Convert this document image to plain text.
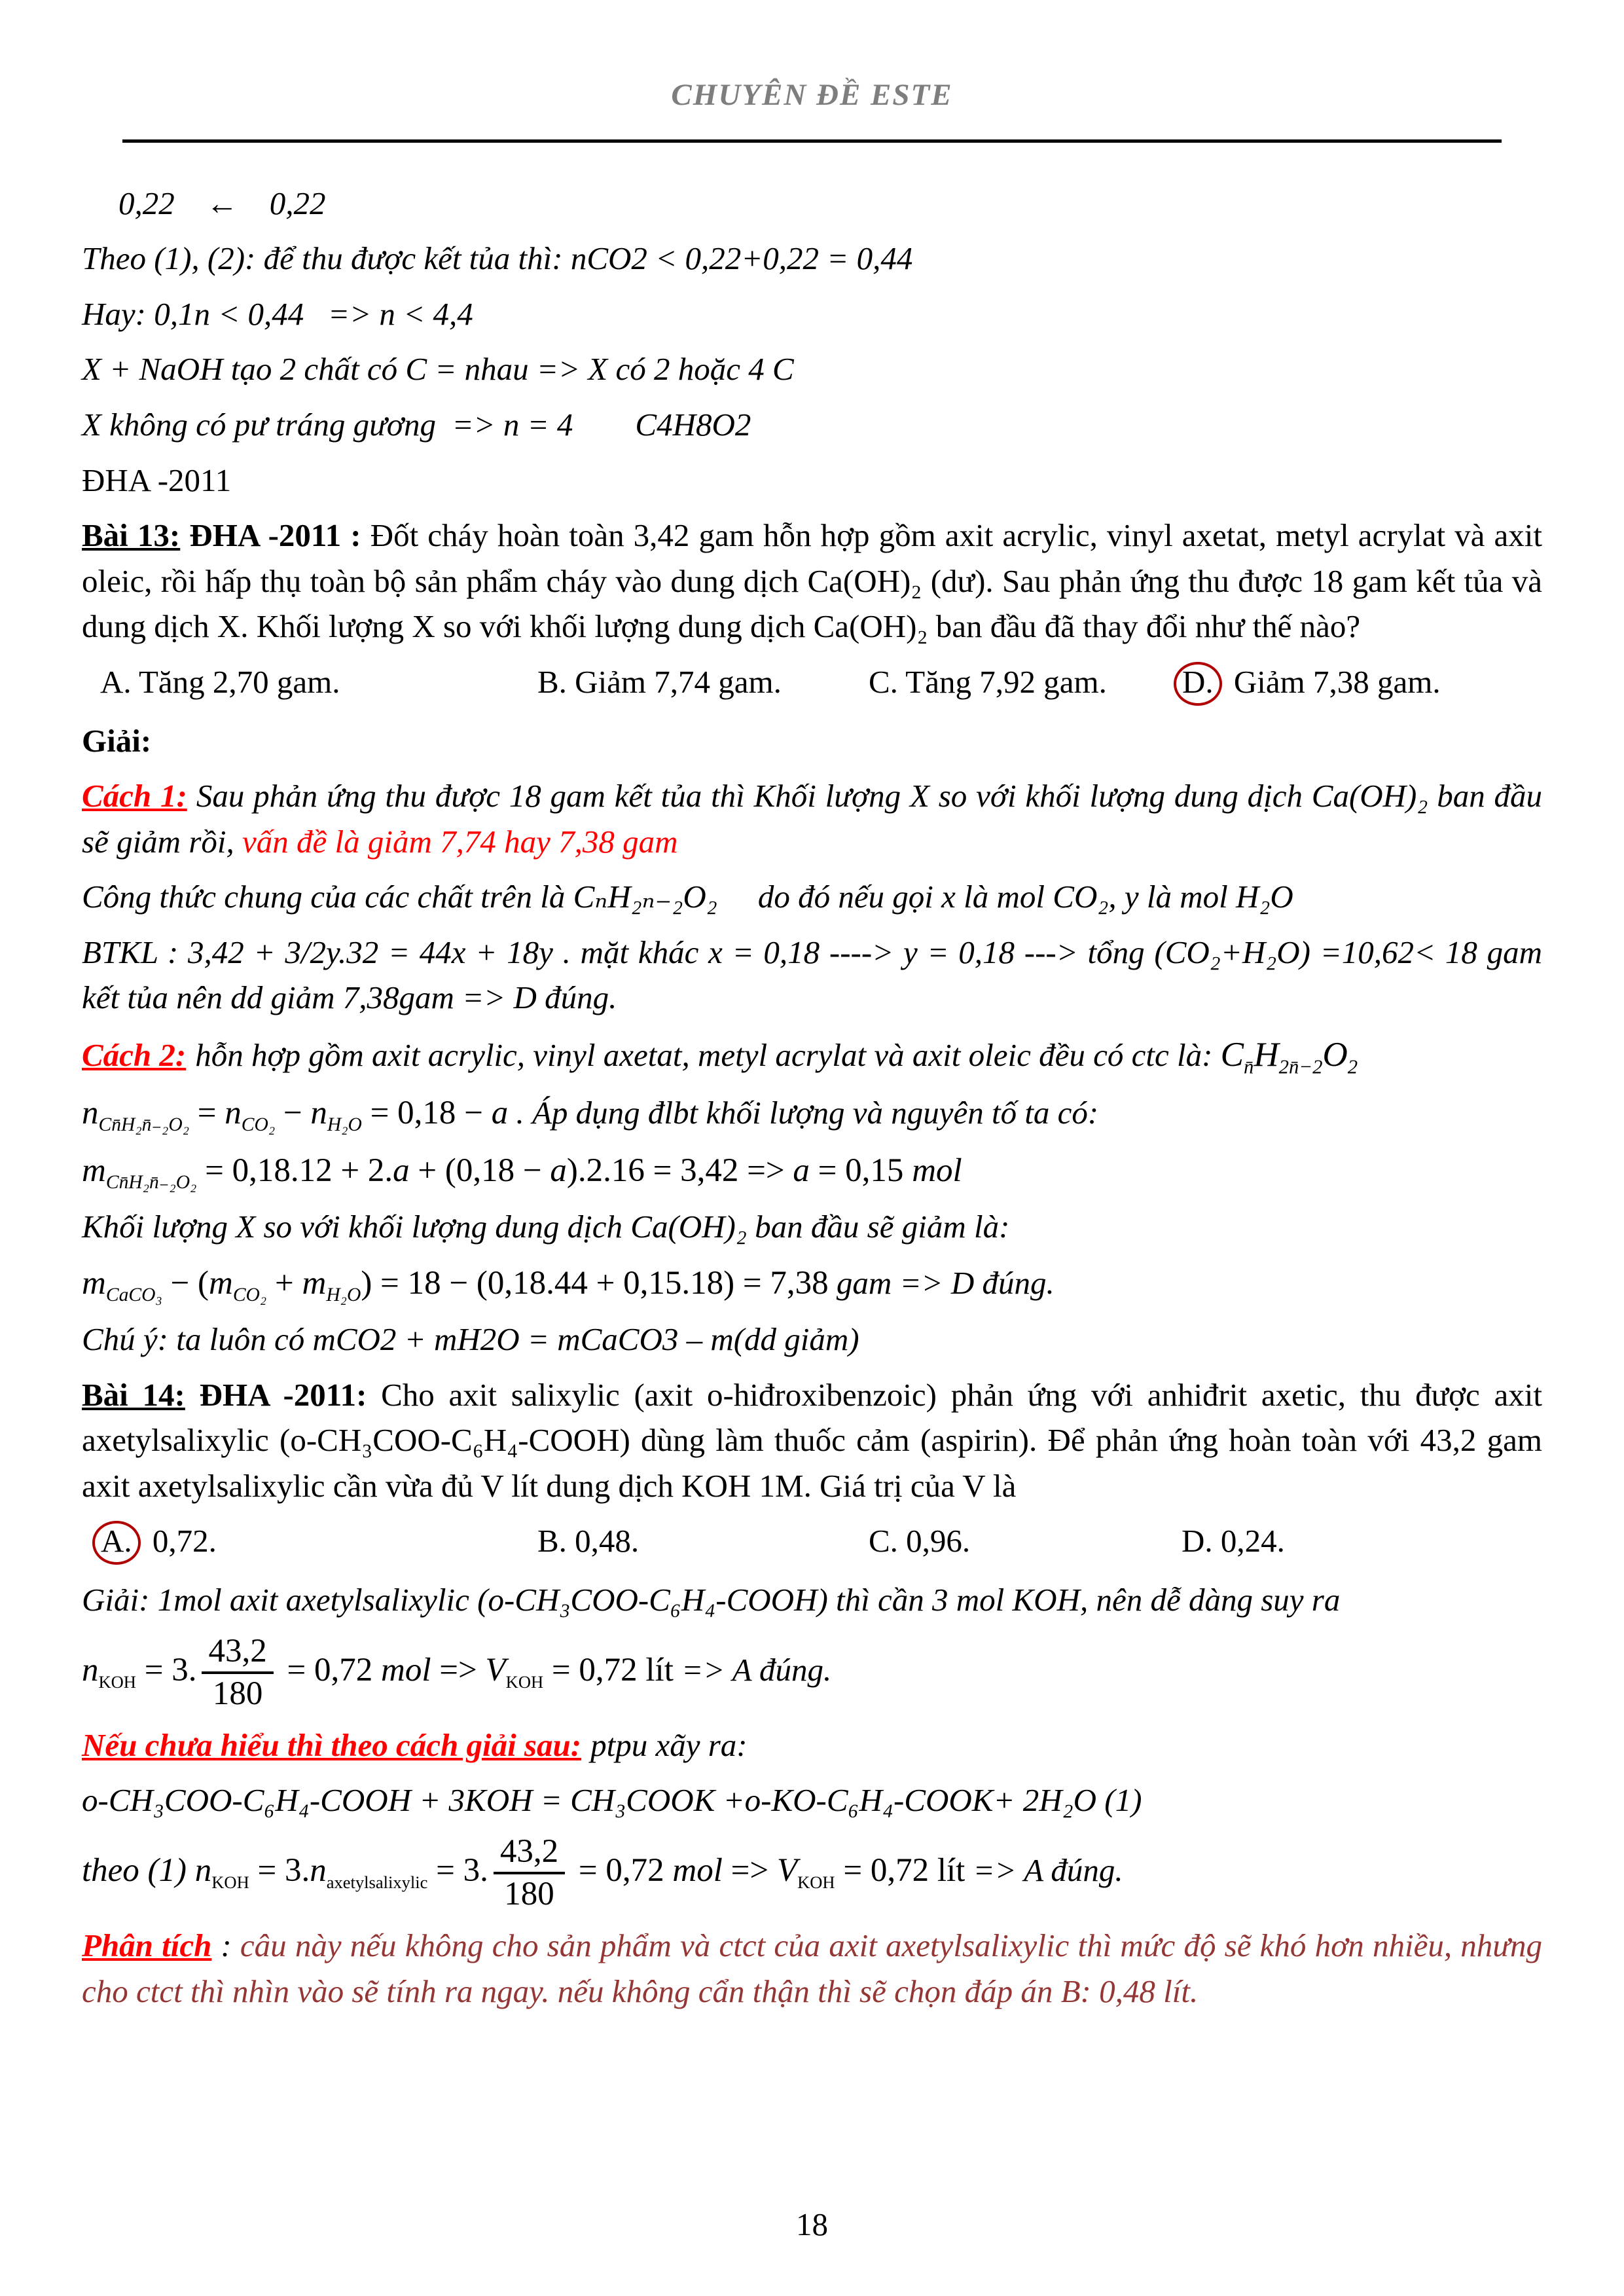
CHUYÊN ĐỀ ESTE

0,22 ← 0,22

Theo (1), (2): để thu được kết tủa thì: nCO2 < 0,22+0,22 = 0,44

Hay: 0,1n < 0,44   => n < 4,4

X + NaOH tạo 2 chất có C = nhau => X có 2 hoặc 4 C

X không có pư tráng gương  => n = 4 C4H8O2

ĐHA -2011

Bài 13: ĐHA -2011 : Đốt cháy hoàn toàn 3,42 gam hỗn hợp gồm axit acrylic, vinyl axetat, metyl acrylat và axit oleic, rồi hấp thụ toàn bộ sản phẩm cháy vào dung dịch Ca(OH)₂ (dư). Sau phản ứng thu được 18 gam kết tủa và dung dịch X. Khối lượng X so với khối lượng dung dịch Ca(OH)₂ ban đầu đã thay đổi như thế nào?

A. Tăng 2,70 gam.	B. Giảm 7,74 gam.	C. Tăng 7,92 gam.	D. Giảm 7,38 gam.

Giải:

Cách 1: Sau phản ứng thu được 18 gam kết tủa thì Khối lượng X so với khối lượng dung dịch Ca(OH)₂ ban đầu sẽ giảm rồi, vấn đề là giảm 7,74 hay 7,38 gam

Công thức chung của các chất trên là CₙH₂ₙ₋₂O₂ do đó nếu gọi x là mol CO₂, y là mol H₂O

BTKL : 3,42 + 3/2y.32 = 44x + 18y . mặt khác x = 0,18 ----> y = 0,18 ---> tổng (CO₂+H₂O) =10,62< 18 gam kết tủa nên dd giảm 7,38gam => D đúng.

Cách 2: hỗn hợp gồm axit acrylic, vinyl axetat, metyl acrylat và axit oleic đều có ctc là: $C_{n̄}H_{2n̄-2}O_2$

$n_{Cn̄H_2n̄_{-2}O_2} = n_{CO_2} - n_{H_2O} = 0,18 - a$ . Áp dụng đlbt khối lượng và nguyên tố ta có:

$m_{Cn̄H_2n̄_{-2}O_2} = 0,18.12 + 2.a + (0,18 - a).2.16 = 3,42 => a = 0,15$ mol

Khối lượng X so với khối lượng dung dịch Ca(OH)₂ ban đầu sẽ giảm là:

$m_{CaCO_3} - (m_{CO_2} + m_{H_2O}) = 18 - (0,18.44 + 0,15.18) = 7,38$ gam => D đúng.

Chú ý: ta luôn có mCO2 + mH2O = mCaCO3 – m(dd giảm)

Bài 14: ĐHA -2011: Cho axit salixylic (axit o-hiđroxibenzoic) phản ứng với anhiđrit axetic, thu được axit axetylsalixylic (o-CH₃COO-C₆H₄-COOH) dùng làm thuốc cảm (aspirin). Để phản ứng hoàn toàn với 43,2 gam axit axetylsalixylic cần vừa đủ V lít dung dịch KOH 1M. Giá trị của V là

A. 0,72.	B. 0,48.	C. 0,96.	D. 0,24.

Giải: 1mol axit axetylsalixylic (o-CH₃COO-C₆H₄-COOH) thì cần 3 mol KOH, nên dễ dàng suy ra

$n_{KOH} = 3$. $\frac{43,2}{180} = 0,72$ mol => $V_{KOH} = 0,72$ lít => A đúng.

Nếu chưa hiểu thì theo cách giải sau: ptpu xãy ra:

o-CH₃COO-C₆H₄-COOH + 3KOH = CH₃COOK +o-KO-C₆H₄-COOK+ 2H₂O (1)

theo (1) $n_{KOH} = 3.n_{axetylsalixylic} = 3$. $\frac{43,2}{180} = 0,72$ mol => $V_{KOH} = 0,72$ lít => A đúng.

Phân tích : câu này nếu không cho sản phẩm và ctct của axit axetylsalixylic thì mức độ sẽ khó hơn nhiều, nhưng cho ctct thì nhìn vào sẽ tính ra ngay. nếu không cẩn thận thì sẽ chọn đáp án B: 0,48 lít.

18
